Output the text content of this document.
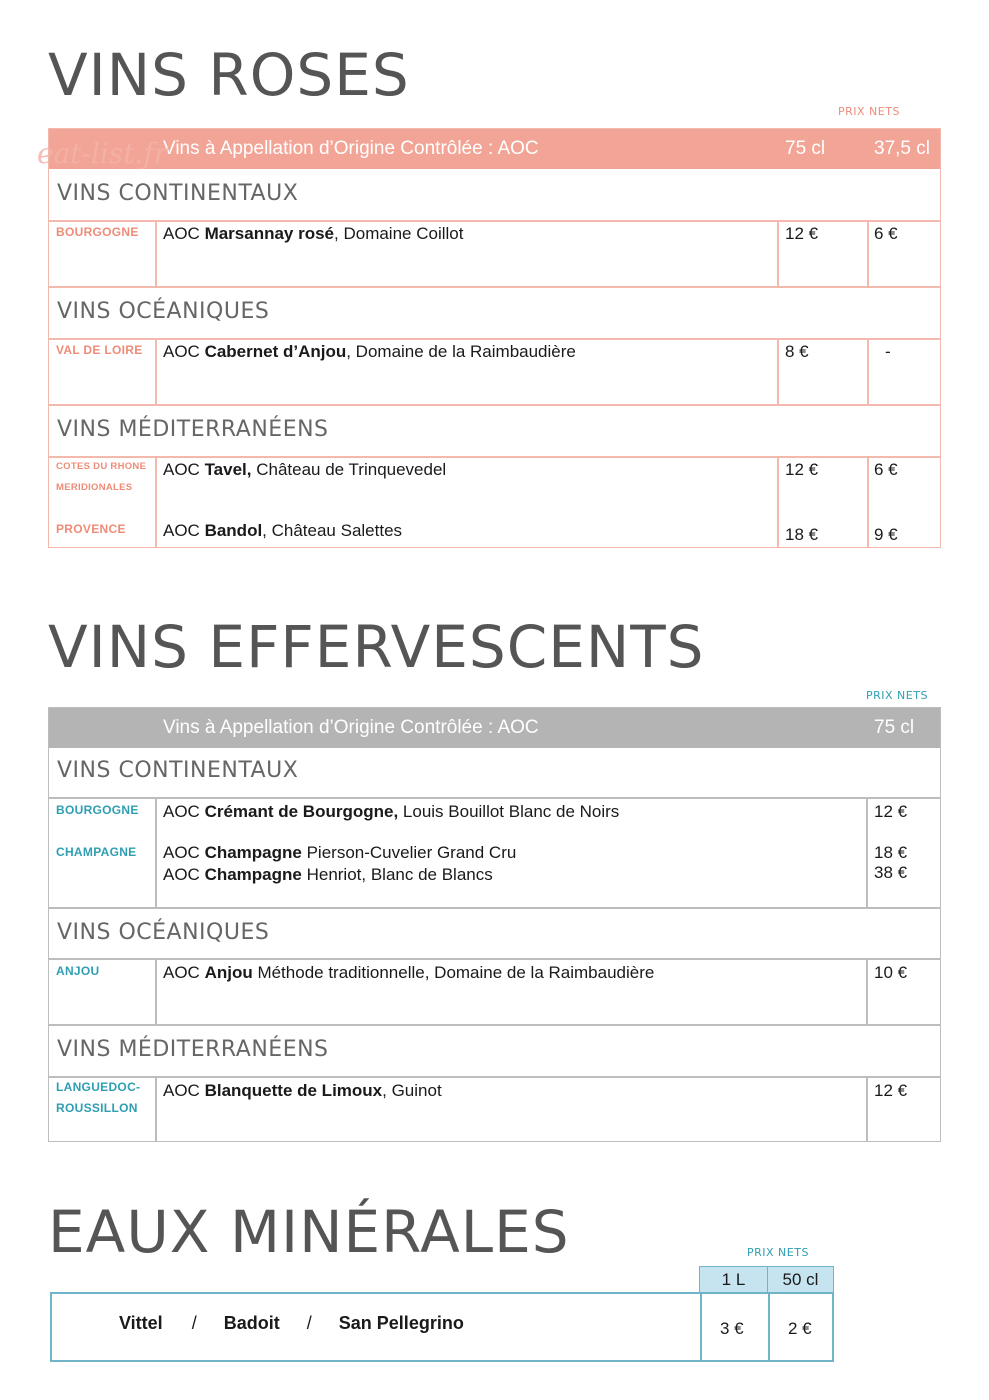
VINS ROSES
PRIX NETS
Vins à Appellation d’Origine Contrôlée : AOC	75 cl	37,5 cl
VINS CONTINENTAUX
BOURGOGNE AOC Marsannay rosé, Domaine Coillot	12 €	6 €
VINS OCÉANIQUES
VAL DE LOIRE AOC Cabernet d’Anjou, Domaine de la Raimbaudière	8 €	-
VINS MÉDITERRANÉENS
COTES DU RHONE
MERIDIONALES
AOC Tavel, Château de Trinquevedel	12 €	6 €
PROVENCE AOC Bandol, Château Salettes	18 €	9 €
eat-list.fr
VINS EFFERVESCENTS
PRIX NETS
Vins à Appellation d’Origine Contrôlée : AOC	75 cl
VINS CONTINENTAUX
BOURGOGNE AOC Crémant de Bourgogne, Louis Bouillot Blanc de Noirs	12 €
CHAMPAGNE AOC Champagne Pierson-Cuvelier Grand Cru	18 €
AOC Champagne Henriot, Blanc de Blancs	38 €
VINS OCÉANIQUES
ANJOU	AOC Anjou Méthode traditionnelle, Domaine de la Raimbaudière	10 €
VINS MÉDITERRANÉENS
LANGUEDOC-
ROUSSILLON
AOC Blanquette de Limoux, Guinot	12 €
EAUX MINÉRALES	PRIX NETS
1 L	50 cl
Vittel / Badoit / San Pellegrino	3 €	2 €
